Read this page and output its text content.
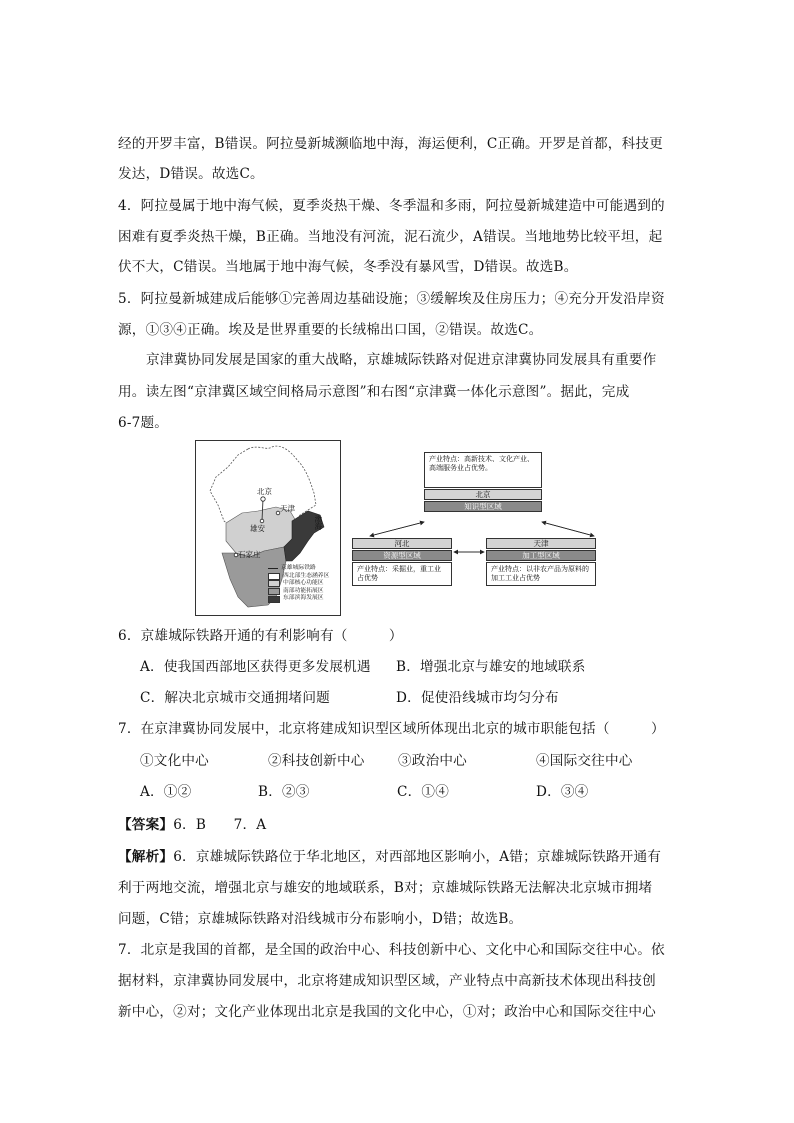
经的开罗丰富，B错误。阿拉曼新城濒临地中海，海运便利，C正确。开罗是首都，科技更
发达，D错误。故选C。
4．阿拉曼属于地中海气候，夏季炎热干燥、冬季温和多雨，阿拉曼新城建造中可能遇到的
困难有夏季炎热干燥，B正确。当地没有河流，泥石流少，A错误。当地地势比较平坦，起
伏不大，C错误。当地属于地中海气候，冬季没有暴风雪，D错误。故选B。
5．阿拉曼新城建成后能够①完善周边基础设施；③缓解埃及住房压力；④充分开发沿岸资
源，①③④正确。埃及是世界重要的长绒棉出口国，②错误。故选C。
京津冀协同发展是国家的重大战略，京雄城际铁路对促进京津冀协同发展具有重要作
用。读左图“京津冀区域空间格局示意图”和右图“京津冀一体化示意图”。据此，完成
6-7题。
北京
天津
雄安
石家庄
渤海
京雄城际铁路
西北部生态涵养区
中部核心功能区
南部功能拓展区
东部滨海发展区
产业特点：高新技术、文化产业、高端服务业占优势。
北京
知识型区域
河北
资源型区域
产业特点：采掘业，重工业占优势
天津
加工型区域
产业特点：以非农产品为原料的加工工业占优势
6．京雄城际铁路开通的有利影响有（　　　）
A．使我国西部地区获得更多发展机遇 B．增强北京与雄安的地域联系
C．解决北京城市交通拥堵问题	D．促使沿线城市均匀分布
7．在京津冀协同发展中，北京将建成知识型区域所体现出北京的城市职能包括（　　　）
①文化中心	②科技创新中心 ③政治中心	④国际交往中心
A．①②	B．②③	C．①④	D．③④
【答案】6．B　　7．A
【解析】6．京雄城际铁路位于华北地区，对西部地区影响小，A错；京雄城际铁路开通有
利于两地交流，增强北京与雄安的地域联系，B对；京雄城际铁路无法解决北京城市拥堵
问题，C错；京雄城际铁路对沿线城市分布影响小，D错；故选B。
7．北京是我国的首都，是全国的政治中心、科技创新中心、文化中心和国际交往中心。依
据材料，京津冀协同发展中，北京将建成知识型区域，产业特点中高新技术体现出科技创
新中心，②对；文化产业体现出北京是我国的文化中心，①对；政治中心和国际交往中心
